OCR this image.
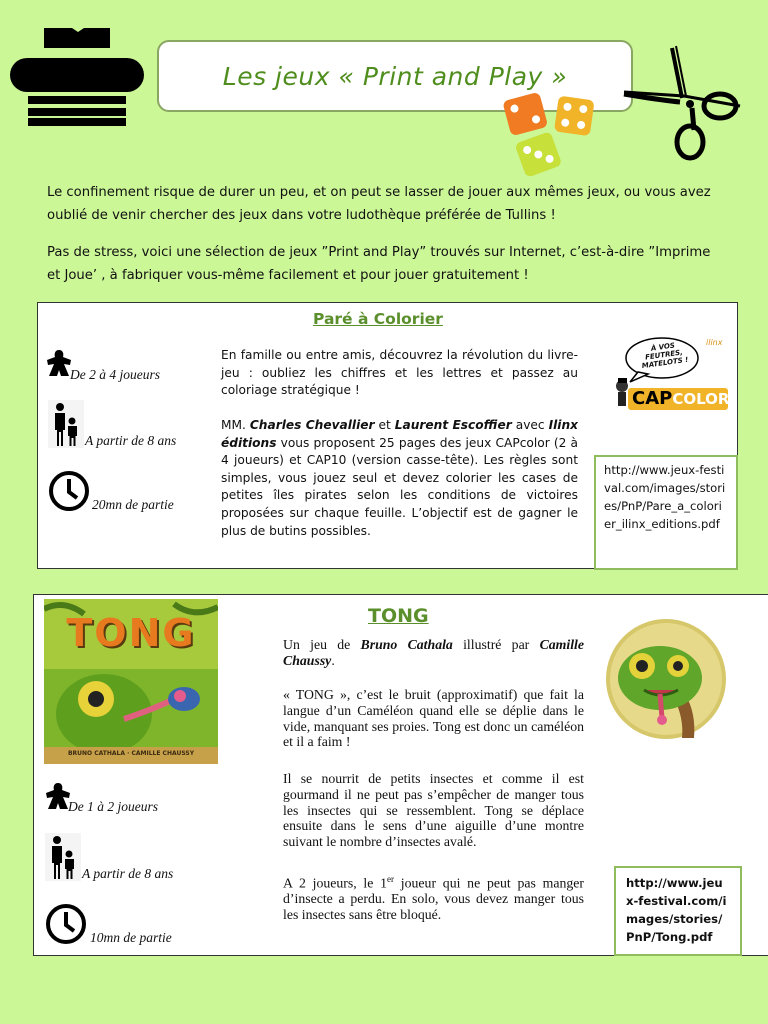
Les jeux « Print and Play »

Le confinement risque de durer un peu, et on peut se lasser de jouer aux mêmes jeux, ou vous avez oublié de venir chercher des jeux dans votre ludothèque préférée de Tullins !

Pas de stress, voici une sélection de jeux ”Print and Play” trouvés sur Internet, c’est-à-dire ”Imprime et Joue’ , à fabriquer vous-même facilement et pour jouer gratuitement !

Paré à Colorier
De 2 à 4 joueurs
A partir de 8 ans
20mn de partie

En famille ou entre amis, découvrez la révolution du livre-jeu : oubliez les chiffres et les lettres et passez au coloriage stratégique !

MM. Charles Chevallier et Laurent Escoffier avec Ilinx éditions vous proposent 25 pages des jeux CAPcolor (2 à 4 joueurs) et CAP10 (version casse-tête). Les règles sont simples, vous jouez seul et devez colorier les cases de petites îles pirates selon les conditions de victoires proposées sur chaque feuille. L’objectif est de gagner le plus de butins possibles.

À VOS FEUTRES, MATELOTS !
ilinx
CAPCOLOR
http://www.jeux-festival.com/images/stories/PnP/Pare_a_colorier_ilinx_editions.pdf
TONG
BRUNO CATHALA · CAMILLE CHAUSSY
TONG

Un jeu de Bruno Cathala illustré par Camille Chaussy.

« TONG », c’est le bruit (approximatif) que fait la langue d’un Caméléon quand elle se déplie dans le vide, manquant ses proies. Tong est donc un caméléon et il a faim !

Il se nourrit de petits insectes et comme il est gourmand il ne peut pas s’empêcher de manger tous les insectes qui se ressemblent. Tong se déplace ensuite dans le sens d’une aiguille d’une montre suivant le nombre d’insectes avalé.

A 2 joueurs, le 1er joueur qui ne peut pas manger d’insecte a perdu. En solo, vous devez manger tous les insectes sans être bloqué.

De 1 à 2 joueurs
A partir de 8 ans
10mn de partie
http://www.jeux-festival.com/images/stories/PnP/Tong.pdf
